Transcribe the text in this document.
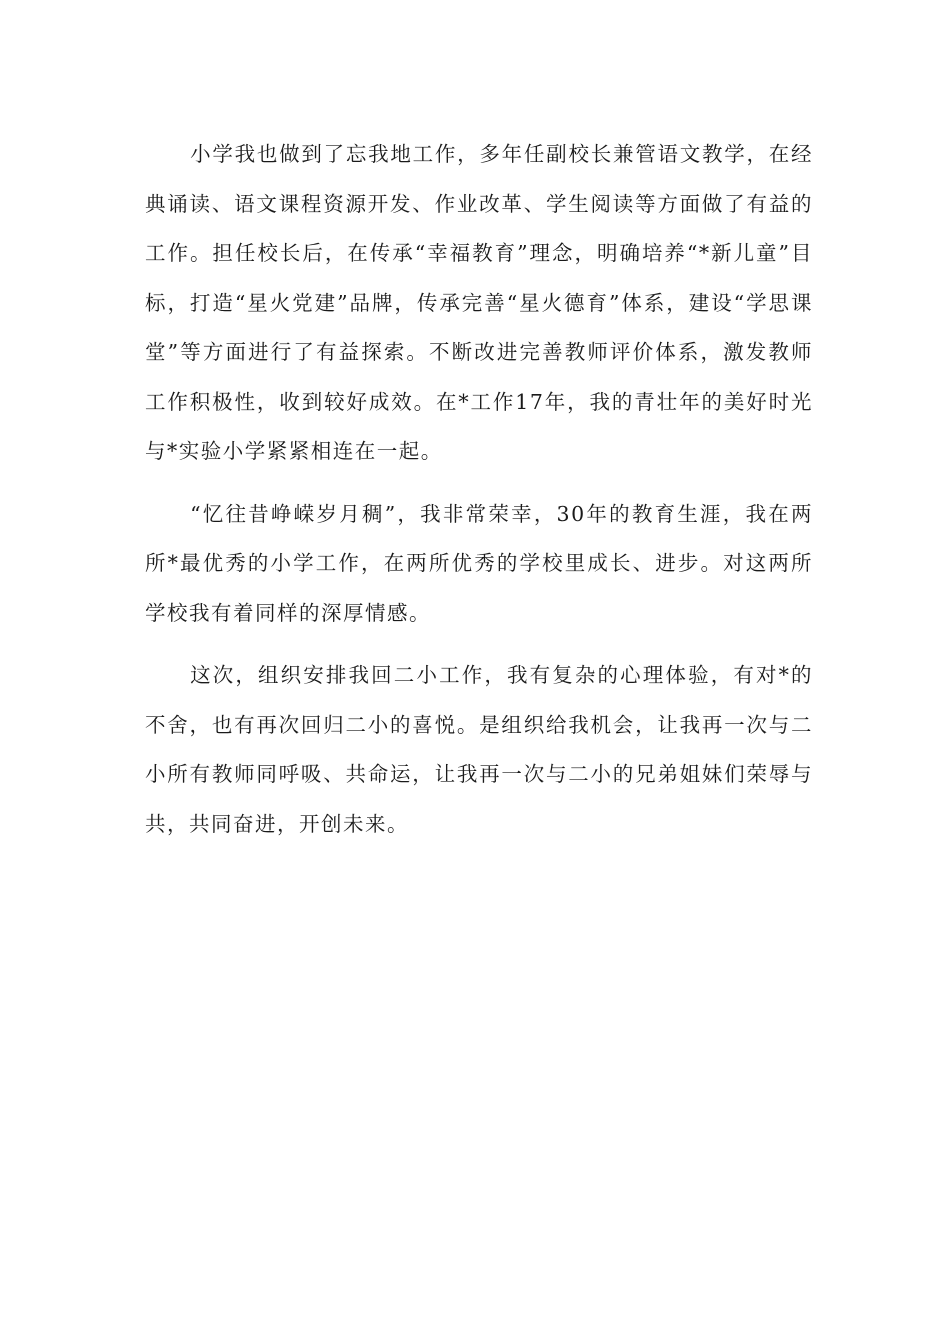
小学我也做到了忘我地工作，多年任副校长兼管语文教学，在经典诵读、语文课程资源开发、作业改革、学生阅读等方面做了有益的工作。担任校长后，在传承“幸福教育”理念，明确培养“*新儿童”目标，打造“星火党建”品牌，传承完善“星火德育”体系，建设“学思课堂”等方面进行了有益探索。不断改进完善教师评价体系，激发教师工作积极性，收到较好成效。在*工作17年，我的青壮年的美好时光与*实验小学紧紧相连在一起。

“忆往昔峥嵘岁月稠”，我非常荣幸，30年的教育生涯，我在两所*最优秀的小学工作，在两所优秀的学校里成长、进步。对这两所学校我有着同样的深厚情感。

这次，组织安排我回二小工作，我有复杂的心理体验，有对*的不舍，也有再次回归二小的喜悦。是组织给我机会，让我再一次与二小所有教师同呼吸、共命运，让我再一次与二小的兄弟姐妹们荣辱与共，共同奋进，开创未来。
